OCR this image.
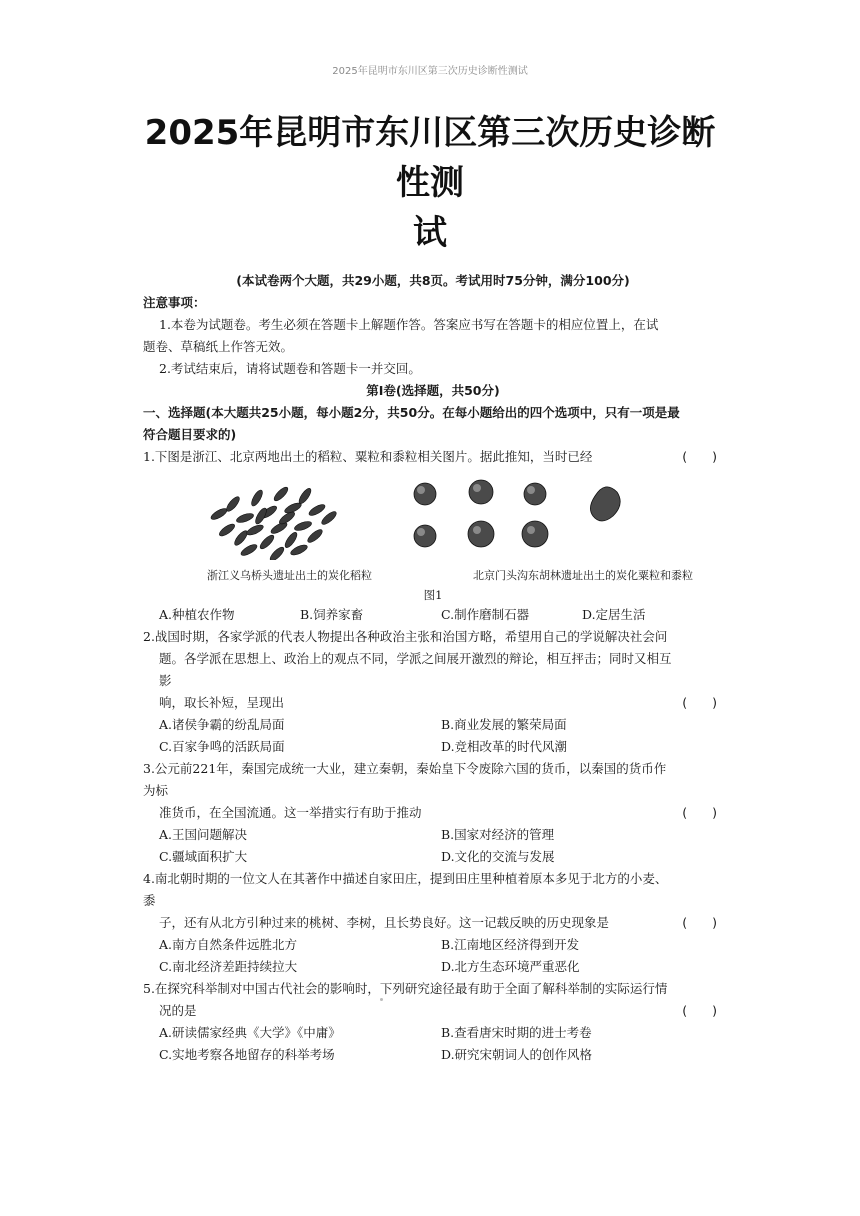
2025年昆明市东川区第三次历史诊断性测试
2025年昆明市东川区第三次历史诊断性测
试
(本试卷两个大题，共29小题，共8页。考试用时75分钟，满分100分)
注意事项：
1.本卷为试题卷。考生必须在答题卡上解题作答。答案应书写在答题卡的相应位置上，在试
题卷、草稿纸上作答无效。
2.考试结束后，请将试题卷和答题卡一并交回。
第Ⅰ卷(选择题，共50分)
一、选择题(本大题共25小题，每小题2分，共50分。在每小题给出的四个选项中，只有一项是最
符合题目要求的)
1.下图是浙江、北京两地出土的稻粒、粟粒和黍粒相关图片。据此推知，当时已经	(　　)
浙江义乌桥头遗址出土的炭化稻粒	北京门头沟东胡林遗址出土的炭化粟粒和黍粒
图1
A.种植农作物	B.饲养家畜	C.制作磨制石器	D.定居生活
2.战国时期，各家学派的代表人物提出各种政治主张和治国方略，希望用自己的学说解决社会问
题。各学派在思想上、政治上的观点不同，学派之间展开激烈的辩论，相互抨击；同时又相互影
响，取长补短，呈现出	(　　)
A.诸侯争霸的纷乱局面	B.商业发展的繁荣局面
C.百家争鸣的活跃局面	D.竞相改革的时代风潮
3.公元前221年，秦国完成统一大业，建立秦朝，秦始皇下令废除六国的货币，以秦国的货币作为标
准货币，在全国流通。这一举措实行有助于推动	(　　)
A.王国问题解决	B.国家对经济的管理
C.疆域面积扩大	D.文化的交流与发展
4.南北朝时期的一位文人在其著作中描述自家田庄，提到田庄里种植着原本多见于北方的小麦、黍
子，还有从北方引种过来的桃树、李树，且长势良好。这一记载反映的历史现象是	(　　)
A.南方自然条件远胜北方	B.江南地区经济得到开发
C.南北经济差距持续拉大	D.北方生态环境严重恶化
5.在探究科举制对中国古代社会的影响时，下列研究途径最有助于全面了解科举制的实际运行情
况的是	(　　)
A.研读儒家经典《大学》《中庸》	B.查看唐宋时期的进士考卷
C.实地考察各地留存的科举考场	D.研究宋朝词人的创作风格
